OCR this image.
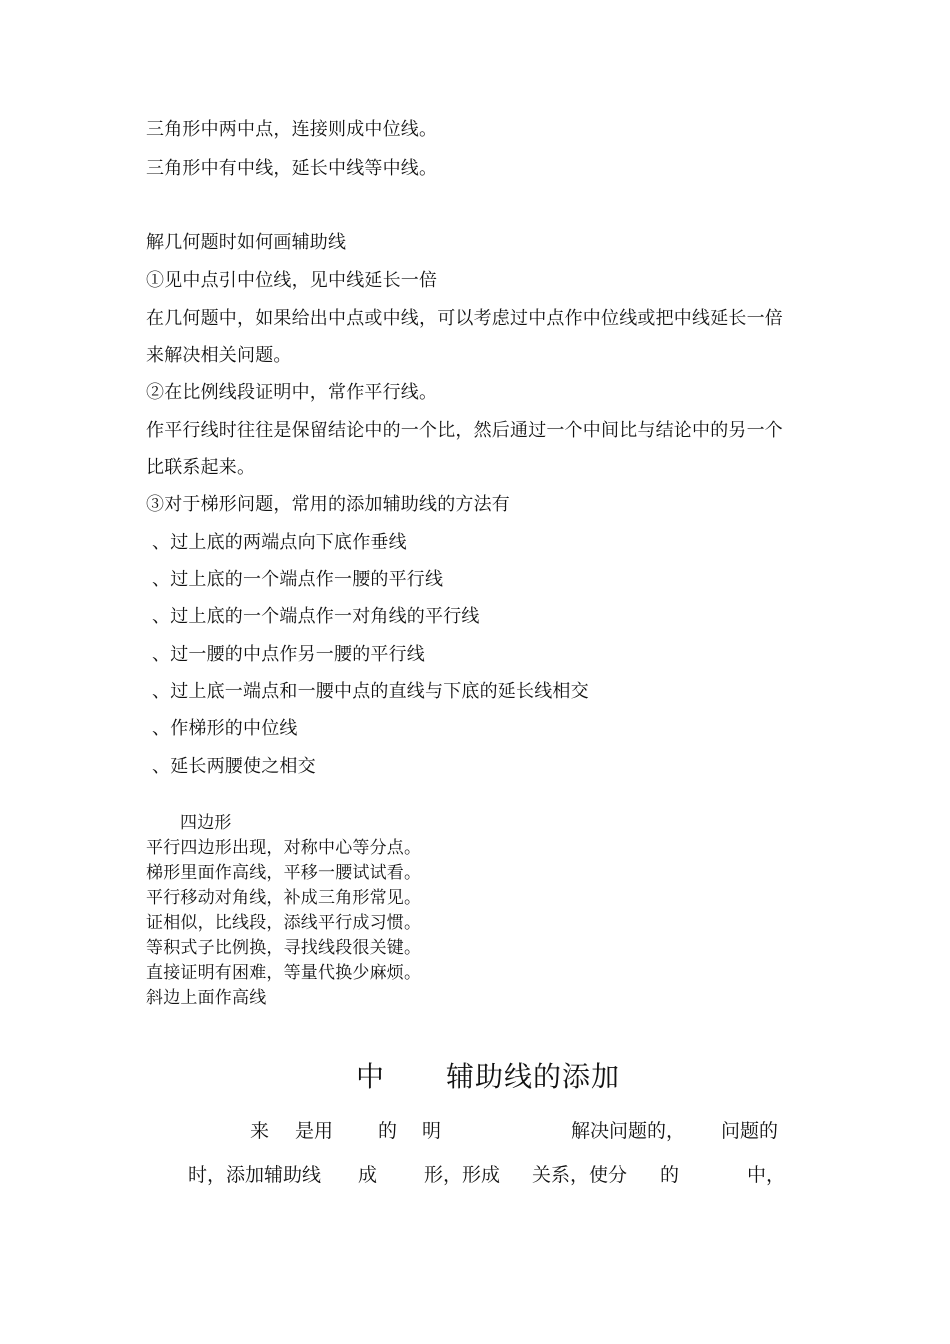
三角形中两中点，连接则成中位线。
三角形中有中线，延长中线等中线。
解几何题时如何画辅助线
①见中点引中位线，见中线延长一倍
在几何题中，如果给出中点或中线，可以考虑过中点作中位线或把中线延长一倍
来解决相关问题。
②在比例线段证明中，常作平行线。
作平行线时往往是保留结论中的一个比，然后通过一个中间比与结论中的另一个
比联系起来。
③对于梯形问题，常用的添加辅助线的方法有
、过上底的两端点向下底作垂线
、过上底的一个端点作一腰的平行线
、过上底的一个端点作一对角线的平行线
、过一腰的中点作另一腰的平行线
、过上底一端点和一腰中点的直线与下底的延长线相交
、作梯形的中位线
、延长两腰使之相交
四边形
平行四边形出现，对称中心等分点。
梯形里面作高线，平移一腰试试看。
平行移动对角线，补成三角形常见。
证相似，比线段，添线平行成习惯。
等积式子比例换，寻找线段很关键。
直接证明有困难，等量代换少麻烦。
斜边上面作高线
中 辅助线的添加
来 是用 的 明	解决问题的， 问题的
时，添加辅助线 成 形，形成 关系，使分 的	中，
